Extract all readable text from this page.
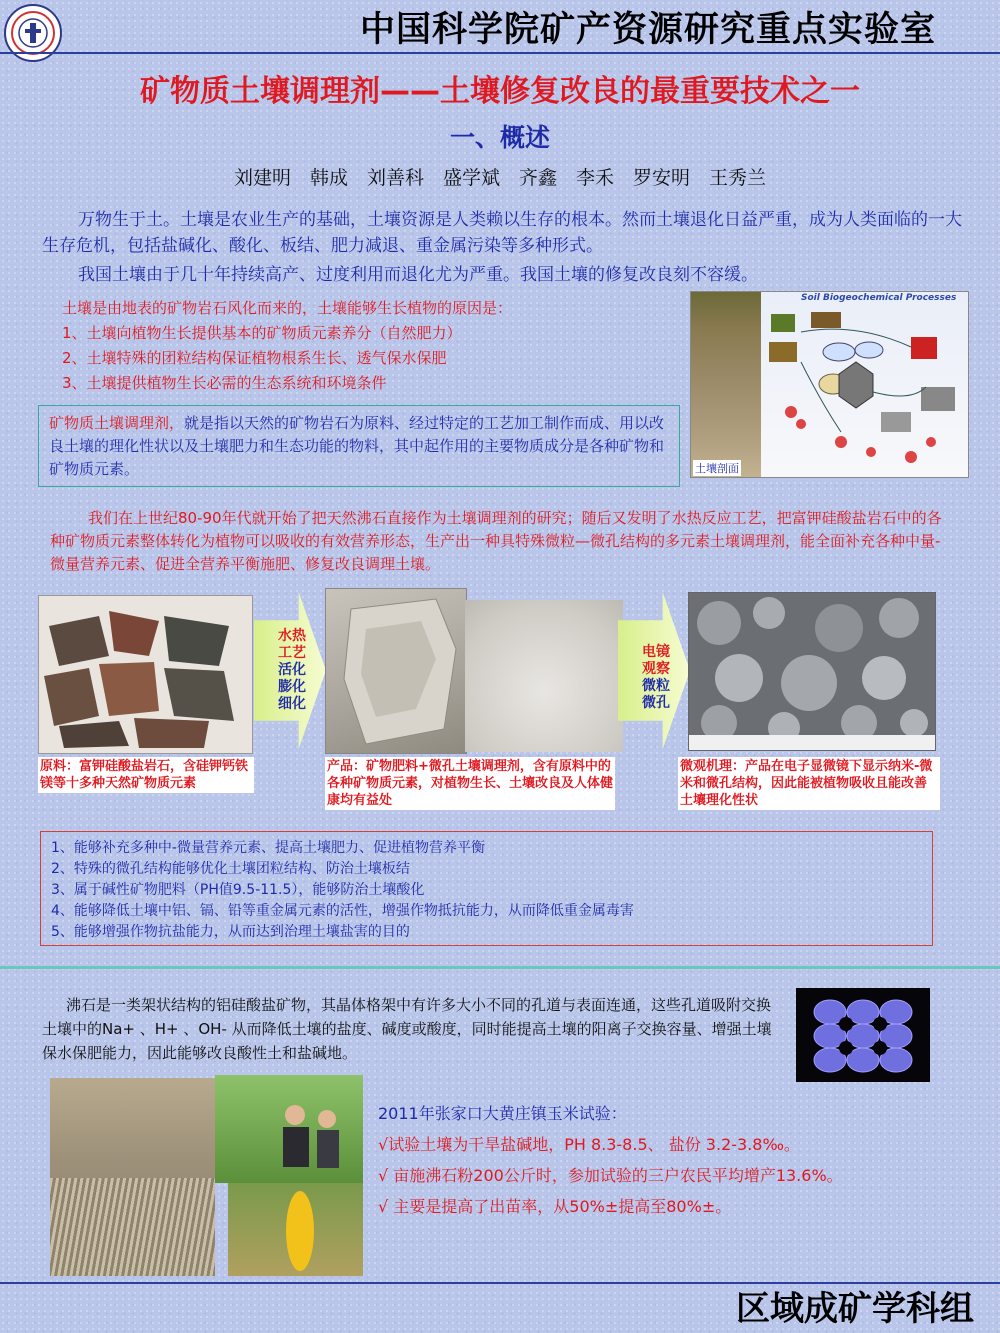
中国科学院矿产资源研究重点实验室
矿物质土壤调理剂——土壤修复改良的最重要技术之一
一、概述
刘建明　韩成　刘善科　盛学斌　齐鑫　李禾　罗安明　王秀兰
万物生于土。土壤是农业生产的基础，土壤资源是人类赖以生存的根本。然而土壤退化日益严重，成为人类面临的一大生存危机，包括盐碱化、酸化、板结、肥力减退、重金属污染等多种形式。
我国土壤由于几十年持续高产、过度利用而退化尤为严重。我国土壤的修复改良刻不容缓。
土壤是由地表的矿物岩石风化而来的，土壤能够生长植物的原因是：
1、土壤向植物生长提供基本的矿物质元素养分（自然肥力）
2、土壤特殊的团粒结构保证植物根系生长、透气保水保肥
3、土壤提供植物生长必需的生态系统和环境条件
矿物质土壤调理剂，就是指以天然的矿物岩石为原料、经过特定的工艺加工制作而成、用以改良土壤的理化性状以及土壤肥力和生态功能的物料，其中起作用的主要物质成分是各种矿物和矿物质元素。	土壤剖面
Soil Biogeochemical Processes
我们在上世纪80-90年代就开始了把天然沸石直接作为土壤调理剂的研究；随后又发明了水热反应工艺，把富钾硅酸盐岩石中的各种矿物质元素整体转化为植物可以吸收的有效营养形态，生产出一种具特殊微粒—微孔结构的多元素土壤调理剂，能全面补充各种中量-微量营养元素、促进全营养平衡施肥、修复改良调理土壤。
水热
工艺
活化
膨化
细化
电镜
观察
微粒
微孔
原料：富钾硅酸盐岩石，含硅钾钙铁镁等十多种天然矿物质元素
产品：矿物肥料+微孔土壤调理剂，含有原料中的各种矿物质元素，对植物生长、土壤改良及人体健康均有益处
微观机理：产品在电子显微镜下显示纳米-微米和微孔结构，因此能被植物吸收且能改善土壤理化性状
1、能够补充多种中-微量营养元素、提高土壤肥力、促进植物营养平衡
2、特殊的微孔结构能够优化土壤团粒结构、防治土壤板结
3、属于碱性矿物肥料（PH值9.5-11.5），能够防治土壤酸化
4、能够降低土壤中铝、镉、铅等重金属元素的活性，增强作物抵抗能力，从而降低重金属毒害
5、能够增强作物抗盐能力，从而达到治理土壤盐害的目的
沸石是一类架状结构的铝硅酸盐矿物，其晶体格架中有许多大小不同的孔道与表面连通，这些孔道吸附交换土壤中的Na+ 、H+ 、OH- 从而降低土壤的盐度、碱度或酸度，同时能提高土壤的阳离子交换容量、增强土壤保水保肥能力，因此能够改良酸性土和盐碱地。
2011年张家口大黄庄镇玉米试验：
√试验土壤为干旱盐碱地，PH 8.3-8.5、 盐份 3.2-3.8‰。
√ 亩施沸石粉200公斤时，参加试验的三户农民平均增产13.6%。
√ 主要是提高了出苗率，从50%±提高至80%±。
区域成矿学科组
